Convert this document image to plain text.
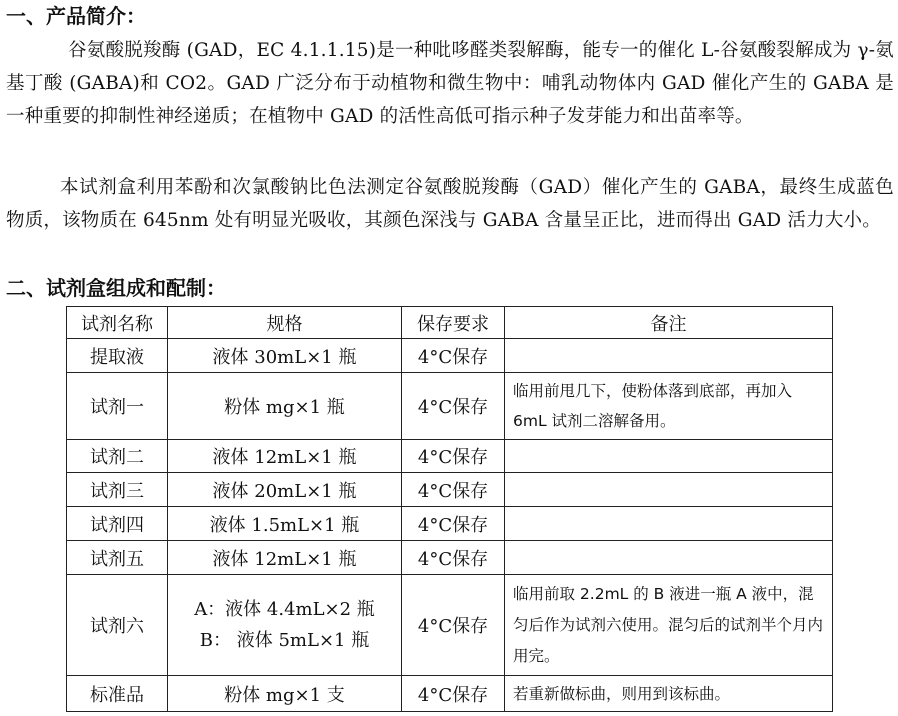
一、产品简介：
谷氨酸脱羧酶 (GAD，EC 4.1.1.15)是一种吡哆醛类裂解酶，能专一的催化 L-谷氨酸裂解成为 γ-氨基丁酸 (GABA)和 CO2。GAD 广泛分布于动植物和微生物中：哺乳动物体内 GAD 催化产生的 GABA 是一种重要的抑制性神经递质；在植物中 GAD 的活性高低可指示种子发芽能力和出苗率等。
本试剂盒利用苯酚和次氯酸钠比色法测定谷氨酸脱羧酶（GAD）催化产生的 GABA，最终生成蓝色物质，该物质在 645nm 处有明显光吸收，其颜色深浅与 GABA 含量呈正比，进而得出 GAD 活力大小。
二、试剂盒组成和配制：
试剂名称	规格	保存要求	备注
提取液	液体 30mL×1 瓶	4°C保存	
试剂一	粉体 mg×1 瓶	4°C保存	临用前甩几下，使粉体落到底部，再加入 6mL 试剂二溶解备用。
试剂二	液体 12mL×1 瓶	4°C保存	
试剂三	液体 20mL×1 瓶	4°C保存	
试剂四	液体 1.5mL×1 瓶	4°C保存	
试剂五	液体 12mL×1 瓶	4°C保存	
试剂六	A：液体 4.4mL×2 瓶
B： 液体 5mL×1 瓶	4°C保存	临用前取 2.2mL 的 B 液进一瓶 A 液中，混匀后作为试剂六使用。混匀后的试剂半个月内用完。
标准品	粉体 mg×1 支	4°C保存	若重新做标曲，则用到该标曲。
